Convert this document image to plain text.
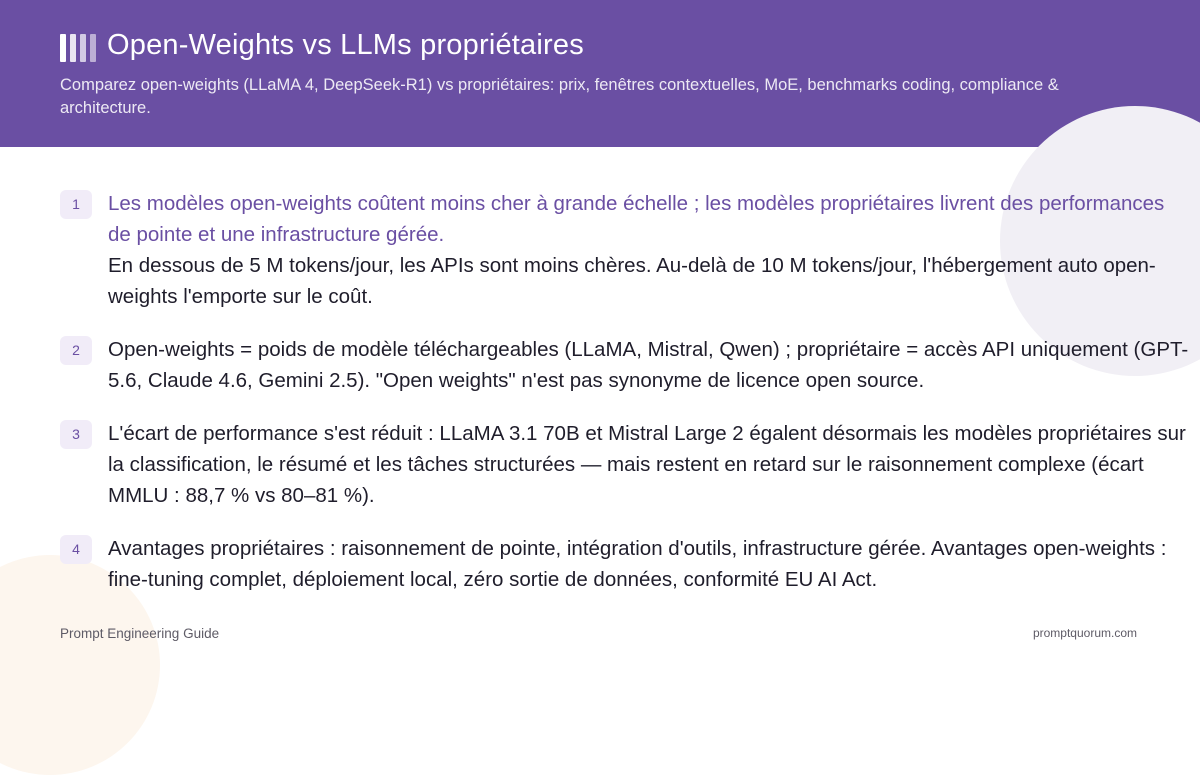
Open-Weights vs LLMs propriétaires

Comparez open-weights (LLaMA 4, DeepSeek-R1) vs propriétaires: prix, fenêtres contextuelles, MoE, benchmarks coding, compliance & architecture.

1	Les modèles open-weights coûtent moins cher à grande échelle ; les modèles propriétaires livrent des performances de pointe et une infrastructure gérée.

En dessous de 5 M tokens/jour, les APIs sont moins chères. Au-delà de 10 M tokens/jour, l'hébergement auto open-weights l'emporte sur le coût.

2	Open-weights = poids de modèle téléchargeables (LLaMA, Mistral, Qwen) ; propriétaire = accès API uniquement (GPT-5.6, Claude 4.6, Gemini 2.5). "Open weights" n'est pas synonyme de licence open source.

3	L'écart de performance s'est réduit : LLaMA 3.1 70B et Mistral Large 2 égalent désormais les modèles propriétaires sur la classification, le résumé et les tâches structurées — mais restent en retard sur le raisonnement complexe (écart MMLU : 88,7 % vs 80–81 %).

4	Avantages propriétaires : raisonnement de pointe, intégration d'outils, infrastructure gérée. Avantages open-weights : fine-tuning complet, déploiement local, zéro sortie de données, conformité EU AI Act.

Prompt Engineering Guide	promptquorum.com
